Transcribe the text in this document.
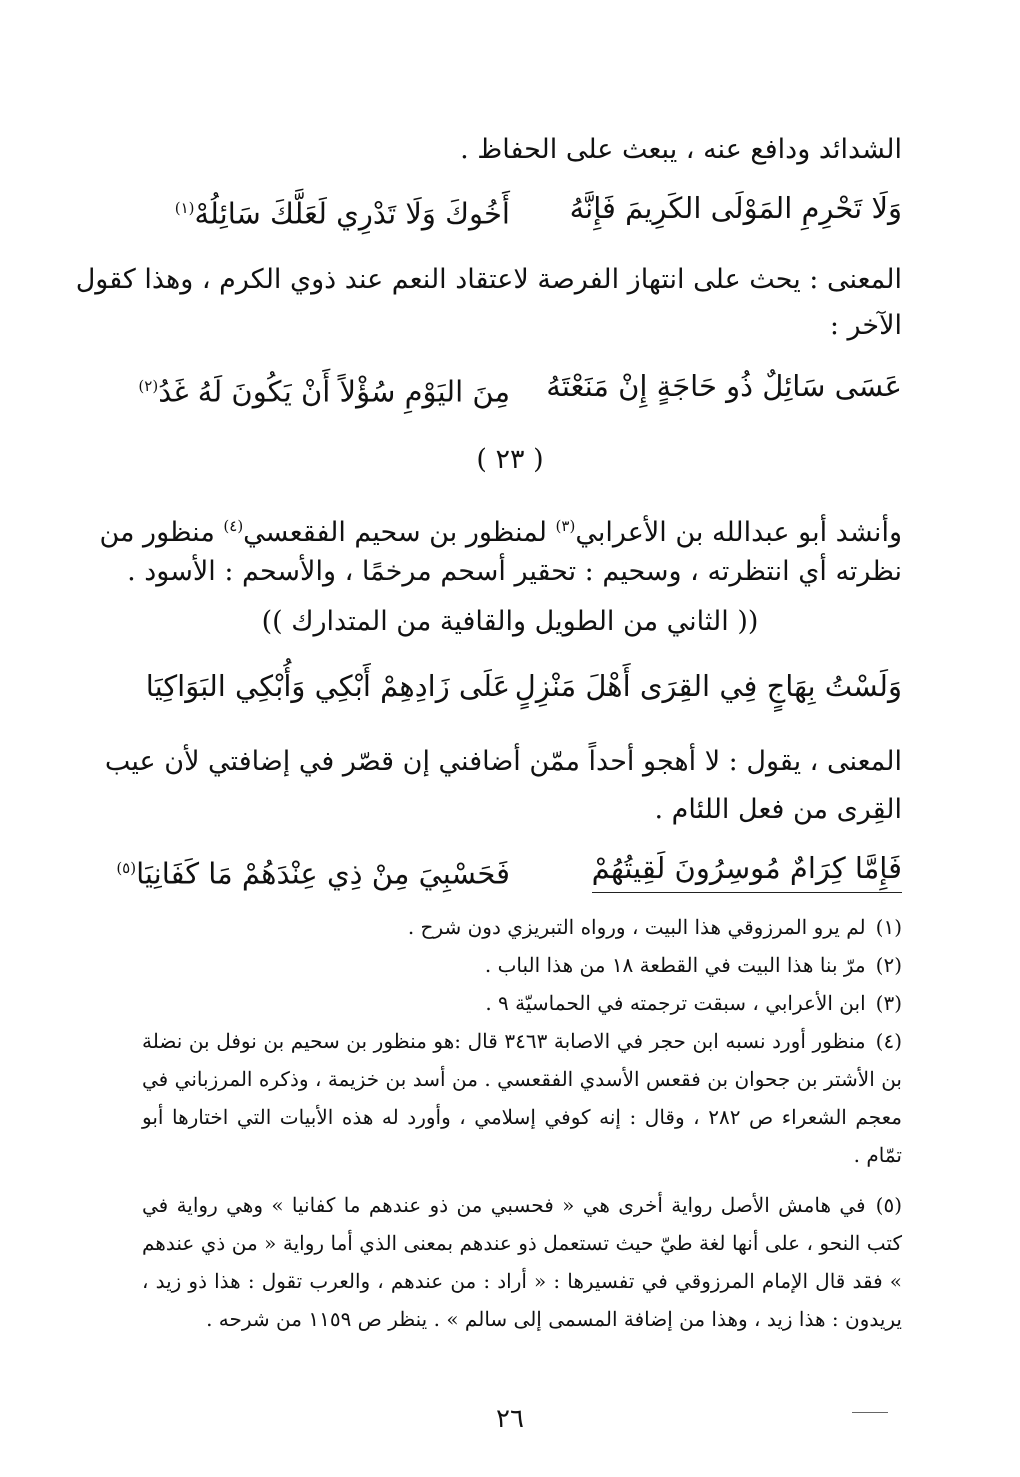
الشدائد ودافع عنه ، يبعث على الحفاظ .
وَلَا تَحْرِمِ المَوْلَى الكَرِيمَ فَإِنَّهُ
أَخُوكَ وَلَا تَدْرِي لَعَلَّكَ سَائِلُهْ$^{(١)}$
المعنى : يحث على انتهاز الفرصة لاعتقاد النعم عند ذوي الكرم ، وهذا كقول
الآخر :
عَسَى سَائِلٌ ذُو حَاجَةٍ إِنْ مَنَعْتَهُ
مِنَ اليَوْمِ سُؤْلاً أَنْ يَكُونَ لَهُ غَدُ$^{(٢)}$
( ٢٣ )
وأنشد أبو عبدالله بن الأعرابي$^{(٣)}$ لمنظور بن سحيم الفقعسي$^{(٤)}$ منظور من
نظرته أي انتظرته ، وسحيم : تحقير أسحم مرخمًا ، والأسحم : الأسود .
(( الثاني من الطويل والقافية من المتدارك ))
وَلَسْتُ بِهَاجٍ فِي القِرَى أَهْلَ مَنْزِلٍ
عَلَى زَادِهِمْ أَبْكِي وَأُبْكِي البَوَاكِيَا
المعنى ، يقول : لا أهجو أحداً ممّن أضافني إن قصّر في إضافتي لأن عيب
القِرى من فعل اللئام .
فَإِمَّا كِرَامٌ مُوسِرُونَ لَقِيتُهُمْ
فَحَسْبِيَ مِنْ ذِي عِنْدَهُمْ مَا كَفَانِيَا$^{(٥)}$
(١)لم يرو المرزوقي هذا البيت ، ورواه التبريزي دون شرح .
(٢)مرّ بنا هذا البيت في القطعة ١٨ من هذا الباب .
(٣)ابن الأعرابي ، سبقت ترجمته في الحماسيّة ٩ .
(٤)منظور أورد نسبه ابن حجر في الاصابة ٣٤٦٣ قال :هو منظور بن سحيم بن نوفل بن نضلة بن الأشتر بن جحوان بن فقعس الأسدي الفقعسي . من أسد بن خزيمة ، وذكره المرزباني في معجم الشعراء ص ٢٨٢ ، وقال : إنه كوفي إسلامي ، وأورد له هذه الأبيات التي اختارها أبو تمّام .
(٥)في هامش الأصل رواية أخرى هي « فحسبي من ذو عندهم ما كفانيا » وهي رواية في كتب النحو ، على أنها لغة طيّ حيث تستعمل ذو عندهم بمعنى الذي أما رواية « من ذي عندهم » فقد قال الإمام المرزوقي في تفسيرها : « أراد : من عندهم ، والعرب تقول : هذا ذو زيد ، يريدون : هذا زيد ، وهذا من إضافة المسمى إلى سالم » . ينظر ص ١١٥٩ من شرحه .
٢٦
